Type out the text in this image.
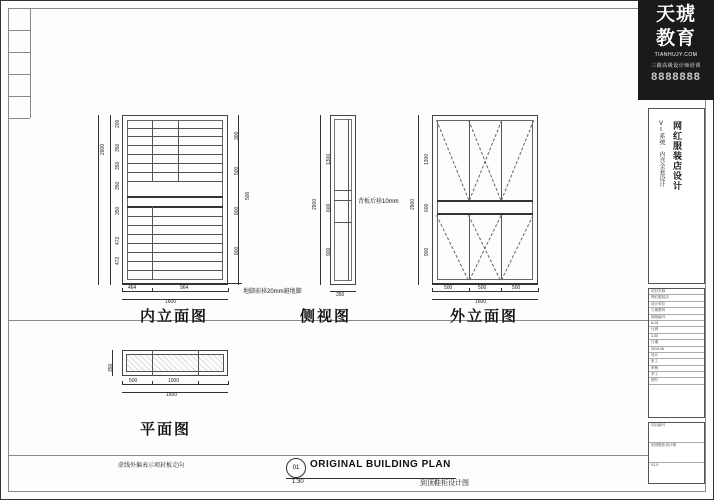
天琥
教育
TIANHUJY.COM
三路高级设计师培训
8888888
2900
200
350
350
350
350
472
472
300
500
800
800
500
464	964
1600
内立面图
地脚前移20mm避地脚
2900
1300
600
900
背板后移10mm
350
侧视图
2900
1300
600
900
500	500	500
1600
外立面图
350
500	1000
1600
平面图
虚线外偏表示项封板走向	01	ORIGINAL BUILDING PLAN
1:30	到顶鞋柜设计图
网红服装店设计
VI系统·内含全套设计
项目名称
网红服装店
设计单位
天琥教育
图纸编号
A-01
比例
1:30
日期
2019.06
设计
张工
审核
李工
图号
项目编号
到顶鞋柜设计图
V1.0
